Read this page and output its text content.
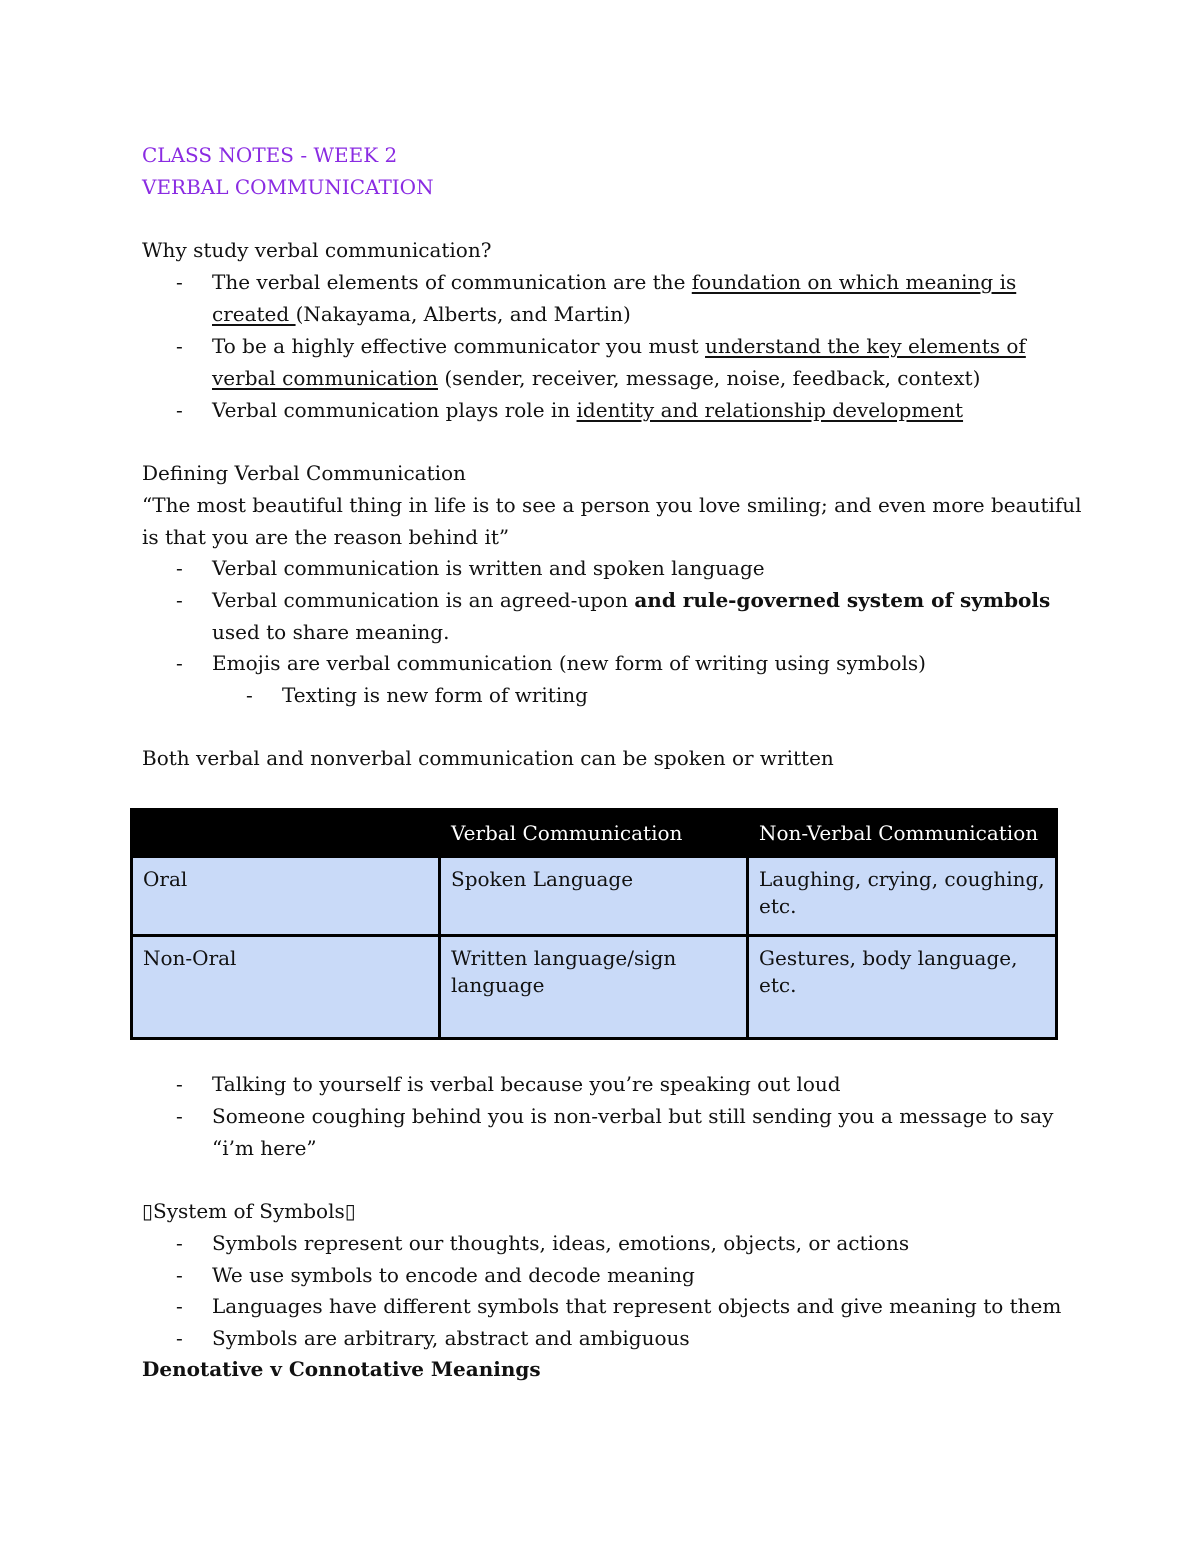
CLASS NOTES - WEEK 2
VERBAL COMMUNICATION
Why study verbal communication?
- The verbal elements of communication are the foundation on which meaning is
created (Nakayama, Alberts, and Martin)
- To be a highly effective communicator you must understand the key elements of
verbal communication (sender, receiver, message, noise, feedback, context)
- Verbal communication plays role in identity and relationship development
Defining Verbal Communication
“The most beautiful thing in life is to see a person you love smiling; and even more beautiful
is that you are the reason behind it”
- Verbal communication is written and spoken language
- Verbal communication is an agreed-upon and rule-governed system of symbols
used to share meaning.
- Emojis are verbal communication (new form of writing using symbols)
- Texting is new form of writing
Both verbal and nonverbal communication can be spoken or written
	Verbal Communication	Non-Verbal Communication
Oral	Spoken Language	Laughing, crying, coughing, etc.
Non-Oral	Written language/sign language	Gestures, body language, etc.
- Talking to yourself is verbal because you’re speaking out loud
- Someone coughing behind you is non-verbal but still sending you a message to say
“i’m here”
▯System of Symbols▯
- Symbols represent our thoughts, ideas, emotions, objects, or actions
- We use symbols to encode and decode meaning
- Languages have different symbols that represent objects and give meaning to them
- Symbols are arbitrary, abstract and ambiguous
Denotative v Connotative Meanings
